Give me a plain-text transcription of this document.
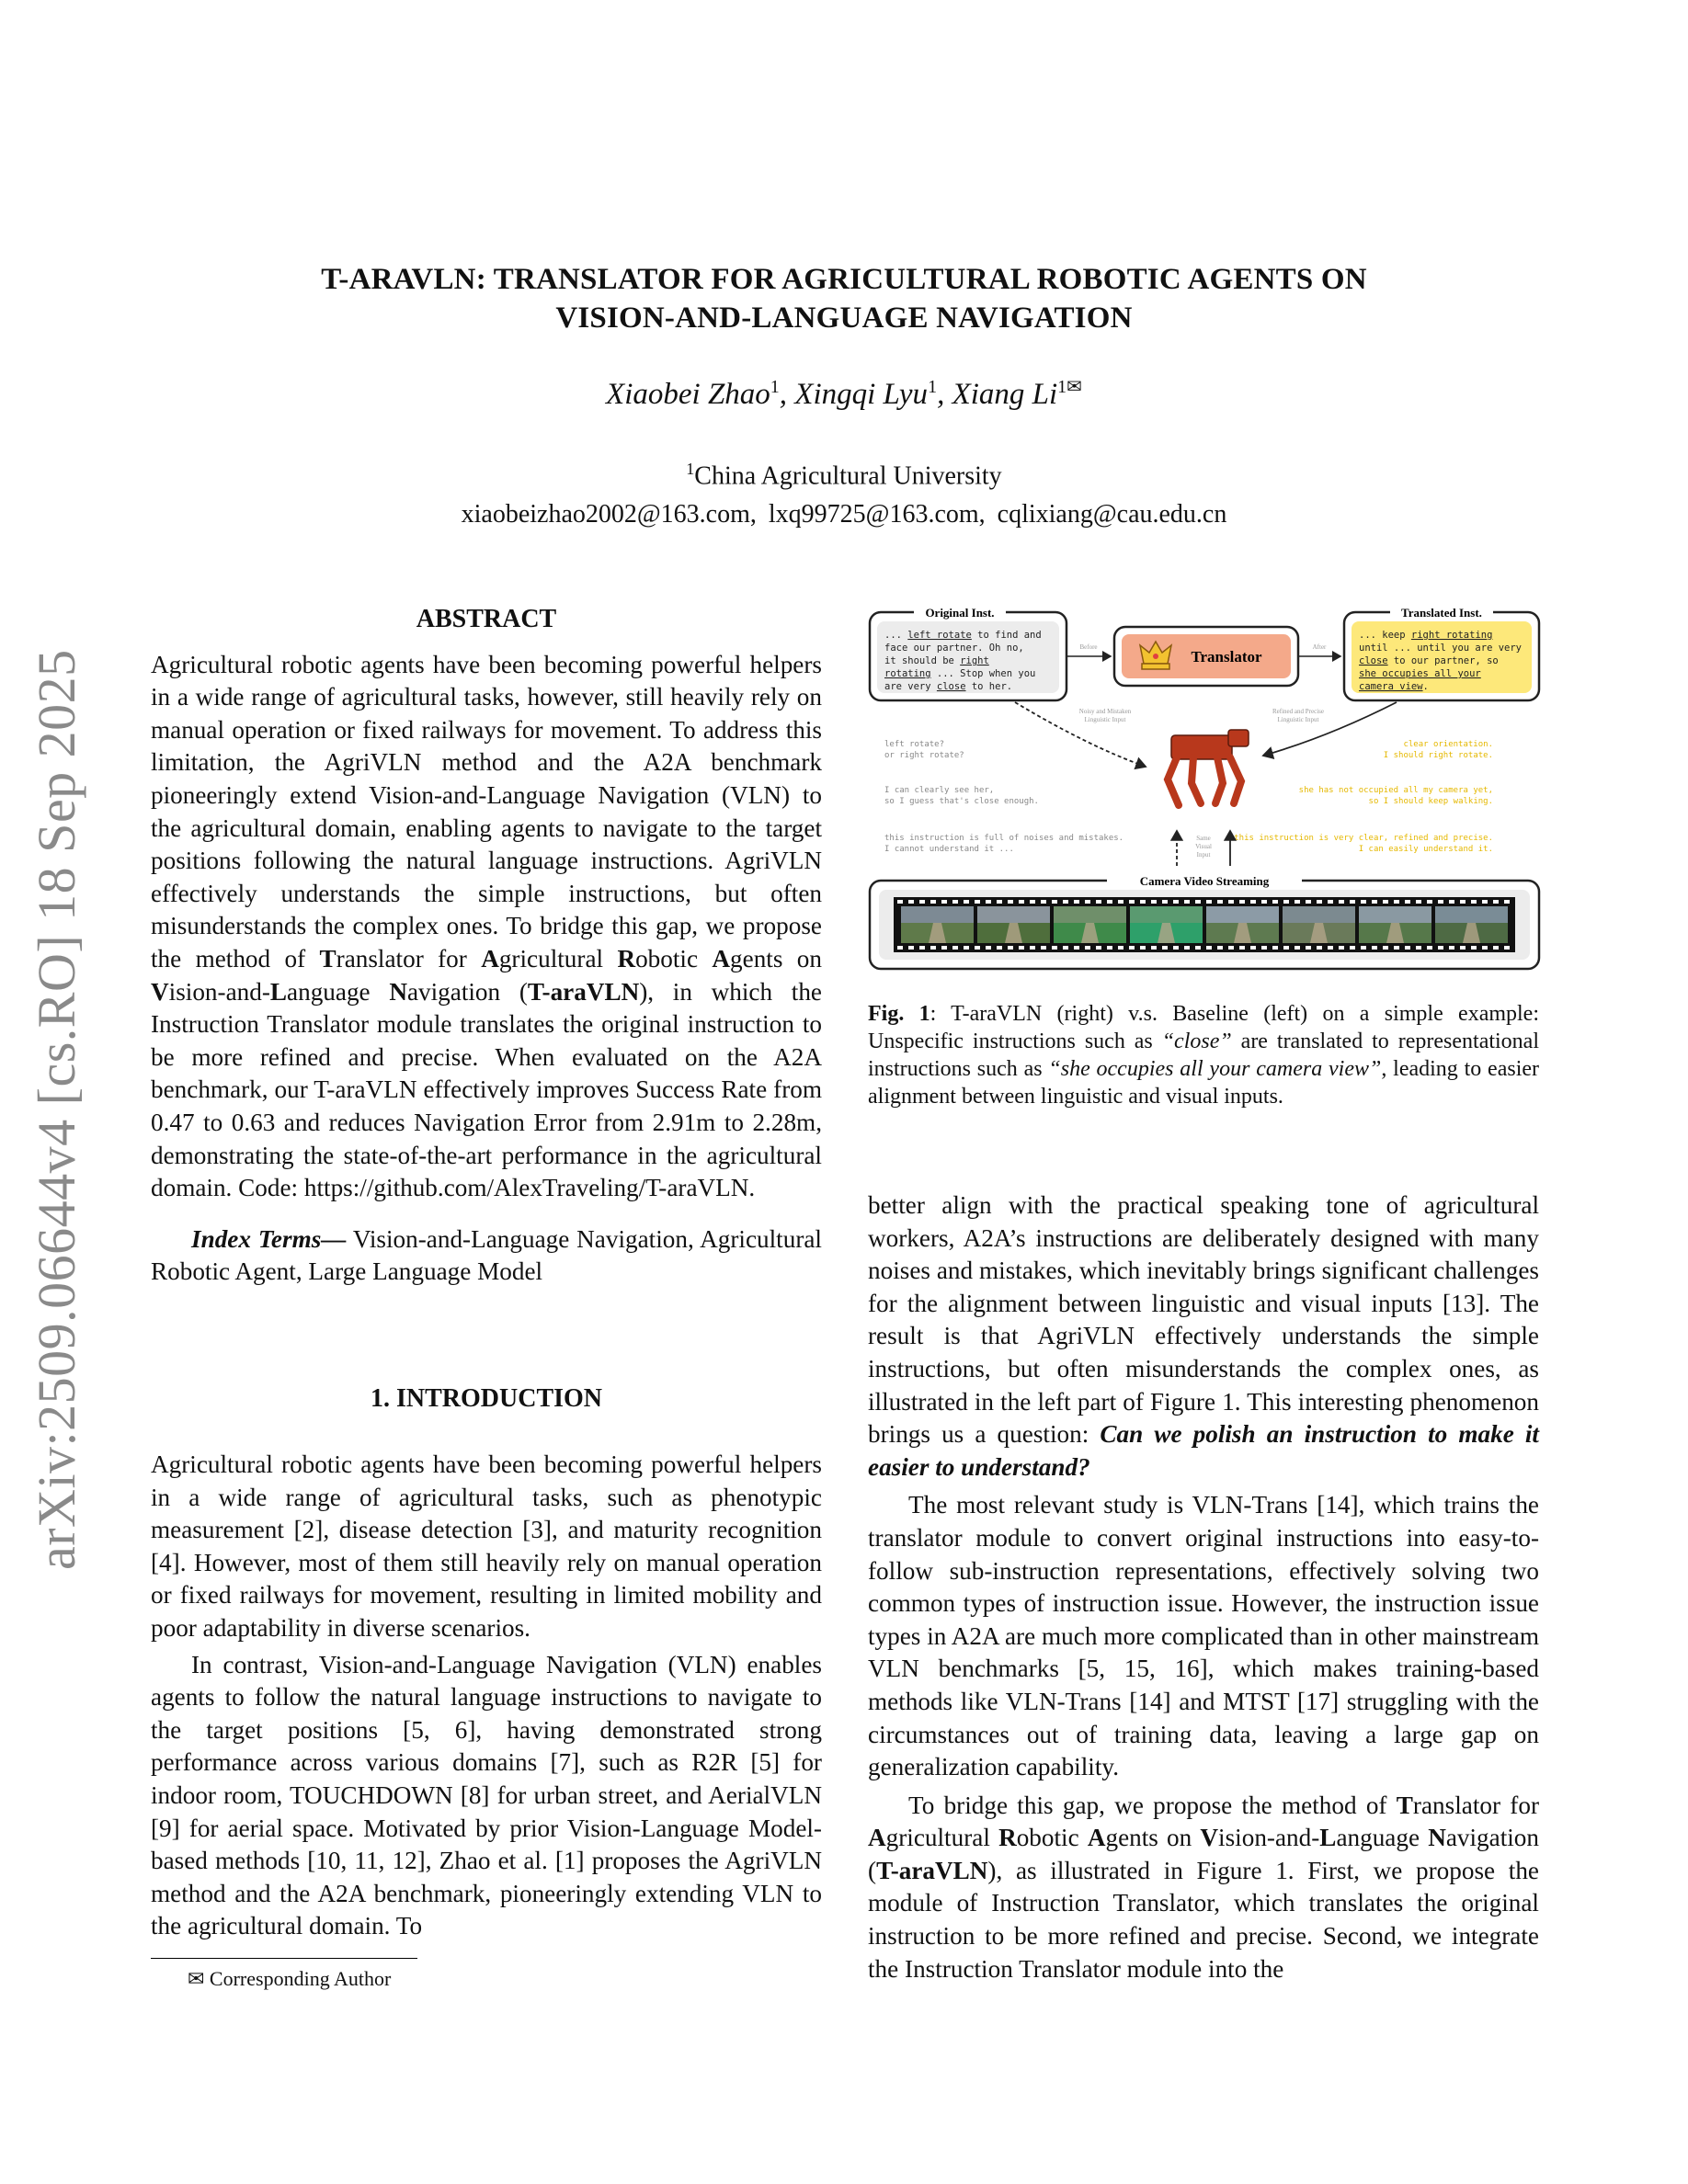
T-ARAVLN: TRANSLATOR FOR AGRICULTURAL ROBOTIC AGENTS ON
VISION-AND-LANGUAGE NAVIGATION
Xiaobei Zhao$^1$, Xingqi Lyu$^1$, Xiang $Li^{1✉}$
$^1$China Agricultural University
xiaobeizhao2002@163.com, lxq99725@163.com, cqlixiang@cau.edu.cn
arXiv:2509.06644v4 [cs.RO] 18 Sep 2025
ABSTRACT

Agricultural robotic agents have been becoming powerful helpers in a wide range of agricultural tasks, however, still heavily rely on manual operation or fixed railways for movement. To address this limitation, the AgriVLN method and the A2A benchmark pioneeringly extend Vision-and-Language Navigation (VLN) to the agricultural domain, enabling agents to navigate to the target positions following the natural language instructions. AgriVLN effectively understands the simple instructions, but often misunderstands the complex ones. To bridge this gap, we propose the method of Translator for Agricultural Robotic Agents on Vision-and-Language Navigation (T-araVLN), in which the Instruction Translator module translates the original instruction to be more refined and precise. When evaluated on the A2A benchmark, our T-araVLN effectively improves Success Rate from 0.47 to 0.63 and reduces Navigation Error from 2.91m to 2.28m, demonstrating the state-of-the-art performance in the agricultural domain. Code: https://github.com/AlexTraveling/T-araVLN.

Index Terms— Vision-and-Language Navigation, Agricultural Robotic Agent, Large Language Model

1. INTRODUCTION

Agricultural robotic agents have been becoming powerful helpers in a wide range of agricultural tasks, such as phenotypic measurement [2], disease detection [3], and maturity recognition [4]. However, most of them still heavily rely on manual operation or fixed railways for movement, resulting in limited mobility and poor adaptability in diverse scenarios.

In contrast, Vision-and-Language Navigation (VLN) enables agents to follow the natural language instructions to navigate to the target positions [5, 6], having demonstrated strong performance across various domains [7], such as R2R [5] for indoor room, TOUCHDOWN [8] for urban street, and AerialVLN [9] for aerial space. Motivated by prior Vision-Language Model-based methods [10, 11, 12], Zhao et al. [1] proposes the AgriVLN method and the A2A benchmark, pioneeringly extending VLN to the agricultural domain. To

✉ Corresponding Author
Original Inst.
... left rotate to find and
face our partner. Oh no,
it should be right
rotating ... Stop when you
are very close to her.
Before
Translator
After
Translated Inst.
... keep right rotating
until ... until you are very
close to our partner, so
she occupies all your
camera view.
Noisy and Mistaken
Linguistic Input
Refined and Precise
Linguistic Input
Same
Visual
Input
left rotate?
or right rotate?
I can clearly see her,
so I guess that's close enough.
this instruction is full of noises and mistakes.
I cannot understand it ...
clear orientation.
I should right rotate.
she has not occupied all my camera yet,
so I should keep walking.
this instruction is very clear, refined and precise.
I can easily understand it.
Camera Video Streaming
Fig. 1: T-araVLN (right) v.s. Baseline (left) on a simple example: Unspecific instructions such as “close” are translated to representational instructions such as “she occupies all your camera view”, leading to easier alignment between linguistic and visual inputs.

better align with the practical speaking tone of agricultural workers, A2A’s instructions are deliberately designed with many noises and mistakes, which inevitably brings significant challenges for the alignment between linguistic and visual inputs [13]. The result is that AgriVLN effectively understands the simple instructions, but often misunderstands the complex ones, as illustrated in the left part of Figure 1. This interesting phenomenon brings us a question: Can we polish an instruction to make it easier to understand?

The most relevant study is VLN-Trans [14], which trains the translator module to convert original instructions into easy-to-follow sub-instruction representations, effectively solving two common types of instruction issue. However, the instruction issue types in A2A are much more complicated than in other mainstream VLN benchmarks [5, 15, 16], which makes training-based methods like VLN-Trans [14] and MTST [17] struggling with the circumstances out of training data, leaving a large gap on generalization capability.

To bridge this gap, we propose the method of Translator for Agricultural Robotic Agents on Vision-and-Language Navigation (T-araVLN), as illustrated in Figure 1. First, we propose the module of Instruction Translator, which translates the original instruction to be more refined and precise. Second, we integrate the Instruction Translator module into the
